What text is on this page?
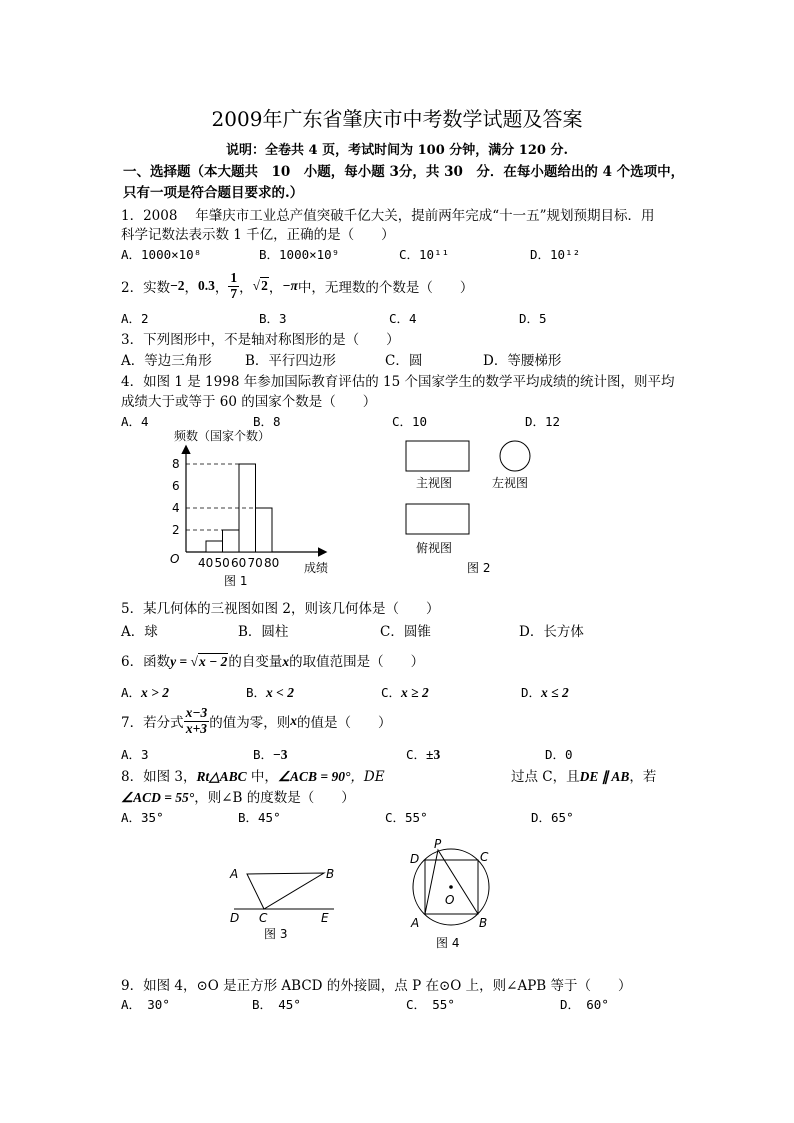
2009年广东省肇庆市中考数学试题及答案
说明：全卷共 4 页，考试时间为 100 分钟，满分 120 分.
一、选择题（本大题共　10　小题，每小题 3分，共 30　分．在每小题给出的 4 个选项中，
只有一项是符合题目要求的.）
1．2008　 年肇庆市工业总产值突破千亿大关，提前两年完成“十一五”规划预期目标．用
科学记数法表示数 1 千亿，正确的是（　　）
A．1000×10⁸	B．1000×10⁹	C．10¹¹	D．10¹²
2．实数 −2 ， 0.3 ， $\frac{1}{7}$ ， √2 ， −π 中，无理数的个数是（　　）
A．2	B．3	C．4	D．5
3．下列图形中，不是轴对称图形的是（　　）
A．等边三角形 B．平行四边形	C．圆	D．等腰梯形
4．如图 1 是 1998 年参加国际教育评估的 15 个国家学生的数学平均成绩的统计图，则平均
成绩大于或等于 60 的国家个数是（　　）
A．4	B．8	C．10	D．12
频数（国家个数）
O
2
4
6
8
40 50 60 70 80 成绩
图 1
主视图	左视图
俯视图
图 2
5．某几何体的三视图如图 2，则该几何体是（　　）
A．球	B．圆柱	C．圆锥	D．长方体
6．函数y = √x − 2的自变量x的取值范围是（　　）
A．x > 2	B．x < 2	C．x ≥ 2	D．x ≤ 2
7．若分式 $\frac{x-3}{x+3}$ 的值为零，则 x 的值是（　　）
A．3	B．−3	C．±3	D．0
8．如图 3，Rt△ABC 中，∠ACB = 90°，DE	过点 C，且DE ∥ AB，若
∠ACD = 55°，则∠B 的度数是（　　）
A．35°	B．45°	C．55°	D．65°
A	B
C
D	E
图 3
P
C
D
A	B
O
图 4
9．如图 4，⊙O 是正方形 ABCD 的外接圆，点 P 在⊙O 上，则∠APB 等于（　　）
A．　30°	B．　45°	C．　55°	D．　60°
